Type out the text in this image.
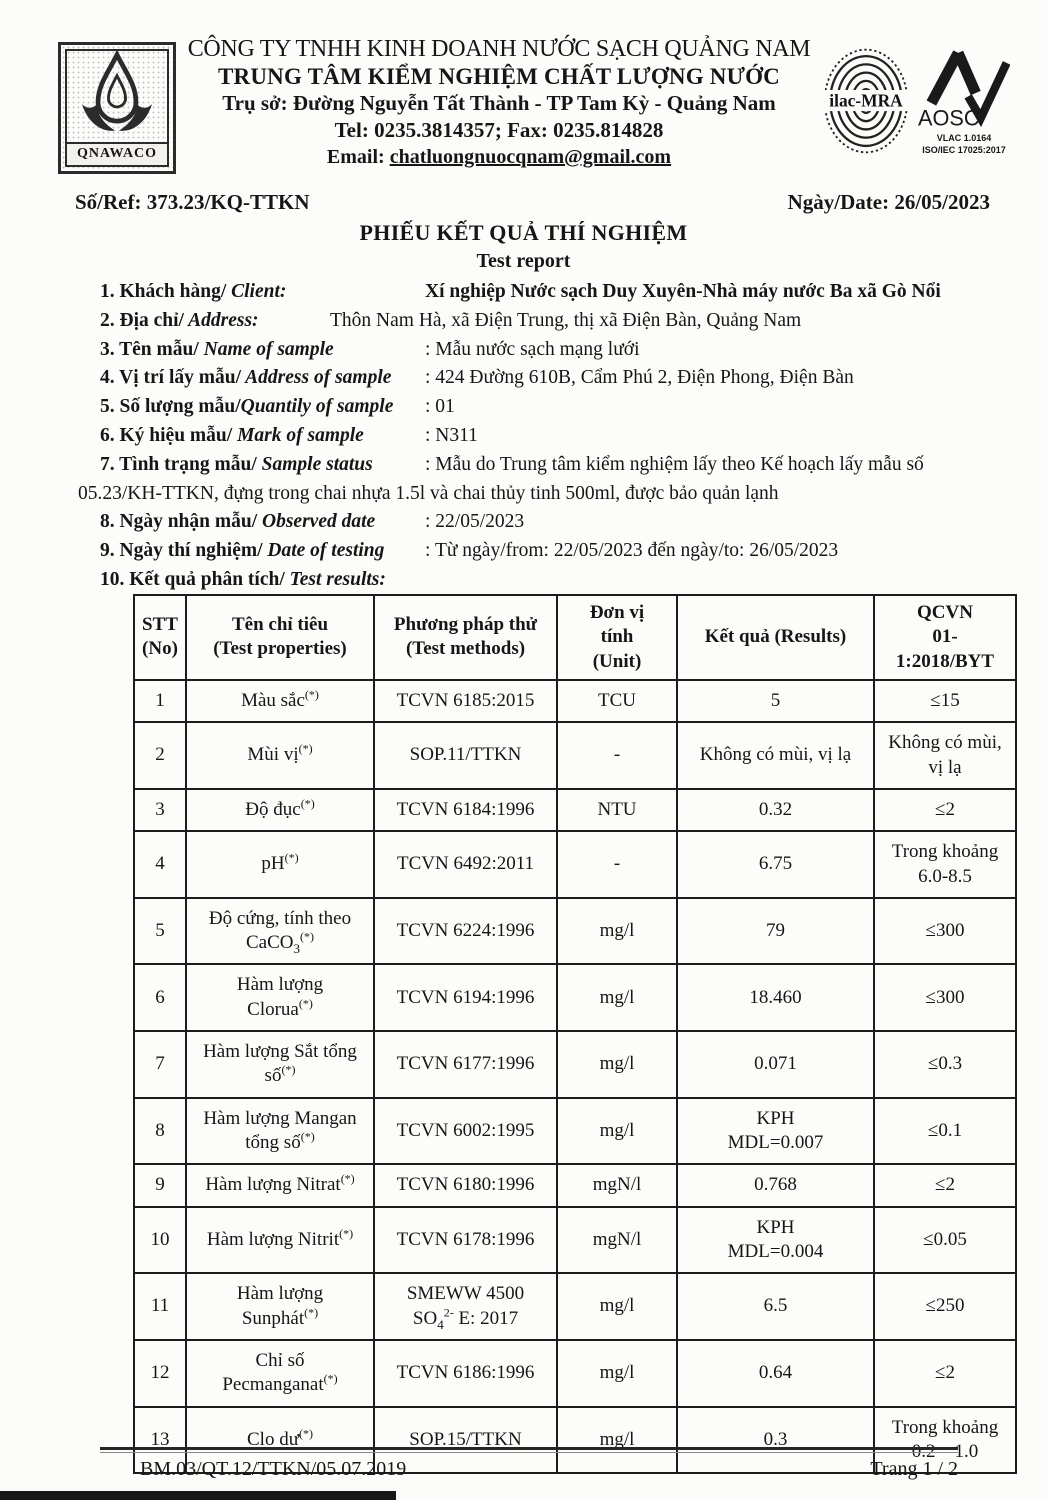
QNAWACO
CÔNG TY TNHH KINH DOANH NƯỚC SẠCH QUẢNG NAM
TRUNG TÂM KIỂM NGHIỆM CHẤT LƯỢNG NƯỚC
Trụ sở: Đường Nguyễn Tất Thành - TP Tam Kỳ - Quảng Nam
Tel: 0235.3814357; Fax: 0235.814828
Email: chatluongnuocqnam@gmail.com
ilac-MRA
AOSC
VLAC 1.0164
ISO/IEC 17025:2017
Số/Ref: 373.23/KQ-TTKN	Ngày/Date: 26/05/2023
PHIẾU KẾT QUẢ THÍ NGHIỆM
Test report
1. Khách hàng/ Client:	Xí nghiệp Nước sạch Duy Xuyên-Nhà máy nước Ba xã Gò Nổi
2. Địa chỉ/ Address:	Thôn Nam Hà, xã Điện Trung, thị xã Điện Bàn, Quảng Nam
3. Tên mẫu/ Name of sample	: Mẫu nước sạch mạng lưới
4. Vị trí lấy mẫu/ Address of sample	: 424 Đường 610B, Cẩm Phú 2, Điện Phong, Điện Bàn
5. Số lượng mẫu/Quantily of sample	: 01
6. Ký hiệu mẫu/ Mark of sample	: N311
7. Tình trạng mẫu/ Sample status	: Mẫu do Trung tâm kiểm nghiệm lấy theo Kế hoạch lấy mẫu số
05.23/KH-TTKN, đựng trong chai nhựa 1.5l và chai thủy tinh 500ml, được bảo quản lạnh
8. Ngày nhận mẫu/ Observed date	: 22/05/2023
9. Ngày thí nghiệm/ Date of testing	: Từ ngày/from: 22/05/2023 đến ngày/to: 26/05/2023
10. Kết quả phân tích/ Test results:
STT
(No)	Tên chỉ tiêu
(Test properties)	Phương pháp thử
(Test methods)	Đơn vị
tính
(Unit)	Kết quả (Results)	QCVN
01-
1:2018/BYT
1	Màu sắc(*)	TCVN 6185:2015	TCU	5	≤15
2	Mùi vị(*)	SOP.11/TTKN	-	Không có mùi, vị lạ	Không có mùi,
vị lạ
3	Độ đục(*)	TCVN 6184:1996	NTU	0.32	≤2
4	pH(*)	TCVN 6492:2011	-	6.75	Trong khoảng
6.0-8.5
5	Độ cứng, tính theo
CaCO$_3$(*)	TCVN 6224:1996	mg/l	79	≤300
6	Hàm lượng
Clorua(*)	TCVN 6194:1996	mg/l	18.460	≤300
7	Hàm lượng Sắt tổng
số(*)	TCVN 6177:1996	mg/l	0.071	≤0.3
8	Hàm lượng Mangan
tổng số(*)	TCVN 6002:1995	mg/l	KPH
MDL=0.007	≤0.1
9	Hàm lượng Nitrat(*)	TCVN 6180:1996	mgN/l	0.768	≤2
10	Hàm lượng Nitrit(*)	TCVN 6178:1996	mgN/l	KPH
MDL=0.004	≤0.05
11	Hàm lượng
Sunphát(*)	SMEWW 4500
$SO_4^{2-}$ E: 2017	mg/l	6.5	≤250
12	Chỉ số
Pecmanganat(*)	TCVN 6186:1996	mg/l	0.64	≤2
13	Clo dư(*)	SOP.15/TTKN	mg/l	0.3	Trong khoảng
0.2 – 1.0
BM.03/QT.12/TTKN/05.07.2019	Trang 1 / 2
